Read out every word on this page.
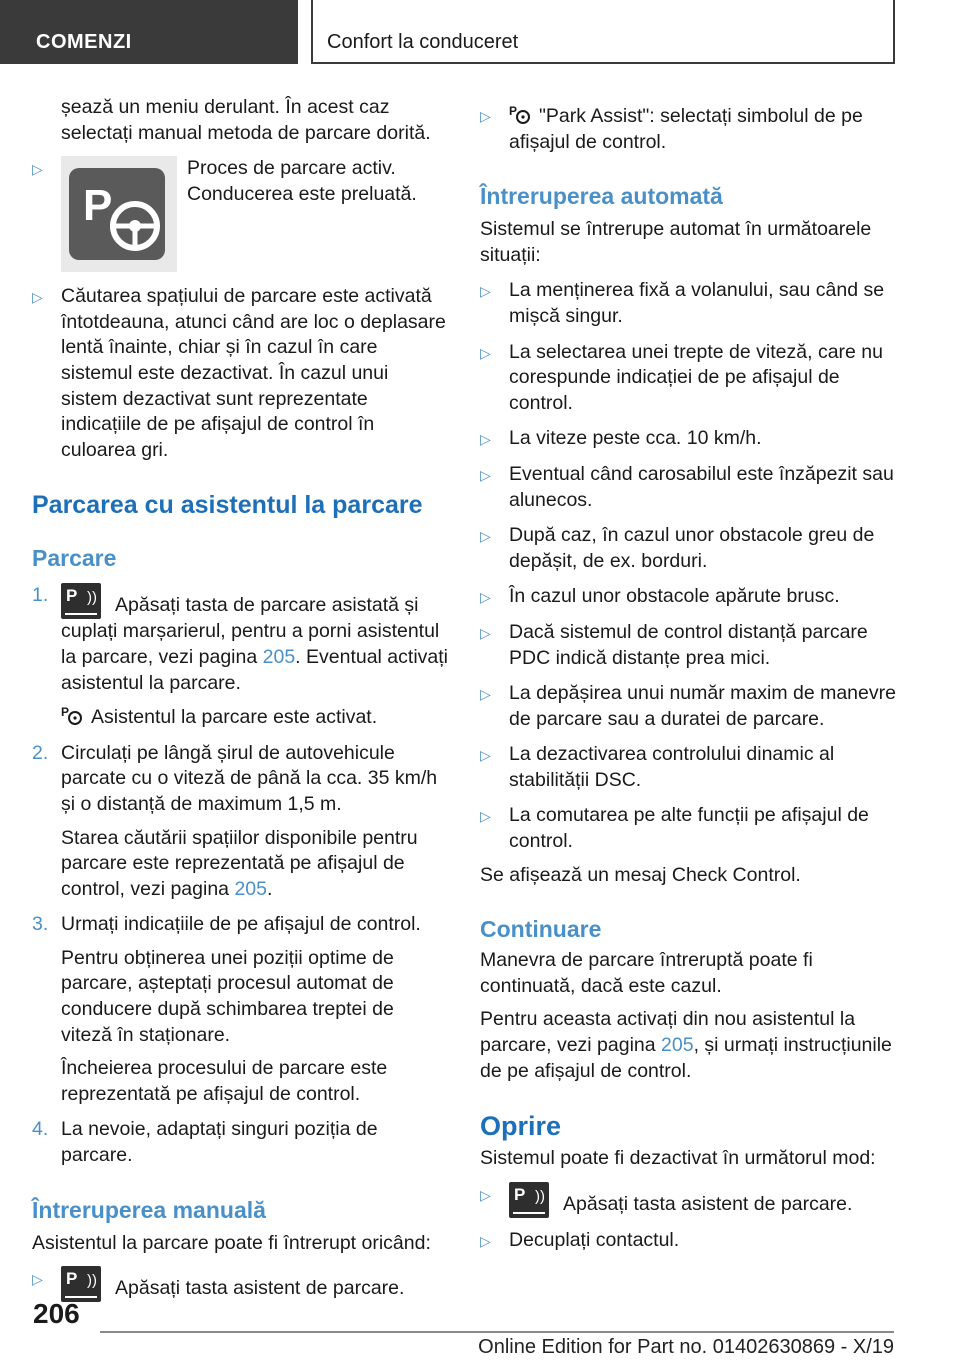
COMENZI	Confort la conduceret

șează un meniu derulant. În acest caz selectați manual metoda de parcare dorită.

▷
P

Proces de parcare activ. Conducerea este preluată.

▷ Căutarea spațiului de parcare este activată întotdeauna, atunci când are loc o deplasare lentă înainte, chiar și în cazul în care sistemul este dezactivat. În cazul unui sistem dezactivat sunt reprezentate indicațiile de pe afișajul de control în culoarea gri.

Parcarea cu asistentul la parcare
Parcare
1. P )) Apăsați tasta de parcare asistată și cuplați marșarierul, pentru a porni asistentul la parcare, vezi pagina 205. Eventual activați asistentul la parcare.

P Asistentul la parcare este activat.
2. Circulați pe lângă șirul de autovehicule parcate cu o viteză de până la cca. 35 km/h și o distanță de maximum 1,5 m.

Starea căutării spațiilor disponibile pentru parcare este reprezentată pe afișajul de control, vezi pagina 205.
3. Urmați indicațiile de pe afișajul de control.

Pentru obținerea unei poziții optime de parcare, așteptați procesul automat de conducere după schimbarea treptei de viteză în staționare.
Încheierea procesului de parcare este reprezentată pe afișajul de control.
4. La nevoie, adaptați singuri poziția de parcare.

Întreruperea manuală

Asistentul la parcare poate fi întrerupt oricând:

▷ P )) Apăsați tasta asistent de parcare.

▷ P "Park Assist": selectați simbolul de pe afișajul de control.

Întreruperea automată

Sistemul se întrerupe automat în următoarele situații:

▷ La menținerea fixă a volanului, sau când se mișcă singur.

▷ La selectarea unei trepte de viteză, care nu corespunde indicației de pe afișajul de control.

▷ La viteze peste cca. 10 km/h.

▷ Eventual când carosabilul este înzăpezit sau alunecos.

▷ După caz, în cazul unor obstacole greu de depășit, de ex. borduri.

▷ În cazul unor obstacole apărute brusc.

▷ Dacă sistemul de control distanță parcare PDC indică distanțe prea mici.

▷ La depășirea unui număr maxim de manevre de parcare sau a duratei de parcare.

▷ La dezactivarea controlului dinamic al stabilității DSC.

▷ La comutarea pe alte funcții pe afișajul de control.

Se afișează un mesaj Check Control.

Continuare

Manevra de parcare întreruptă poate fi continuată, dacă este cazul.

Pentru aceasta activați din nou asistentul la parcare, vezi pagina 205, și urmați instrucțiunile de pe afișajul de control.

Oprire

Sistemul poate fi dezactivat în următorul mod:

▷ P )) Apăsați tasta asistent de parcare.

▷ Decuplați contactul.

206
Online Edition for Part no. 01402630869 - X/19
